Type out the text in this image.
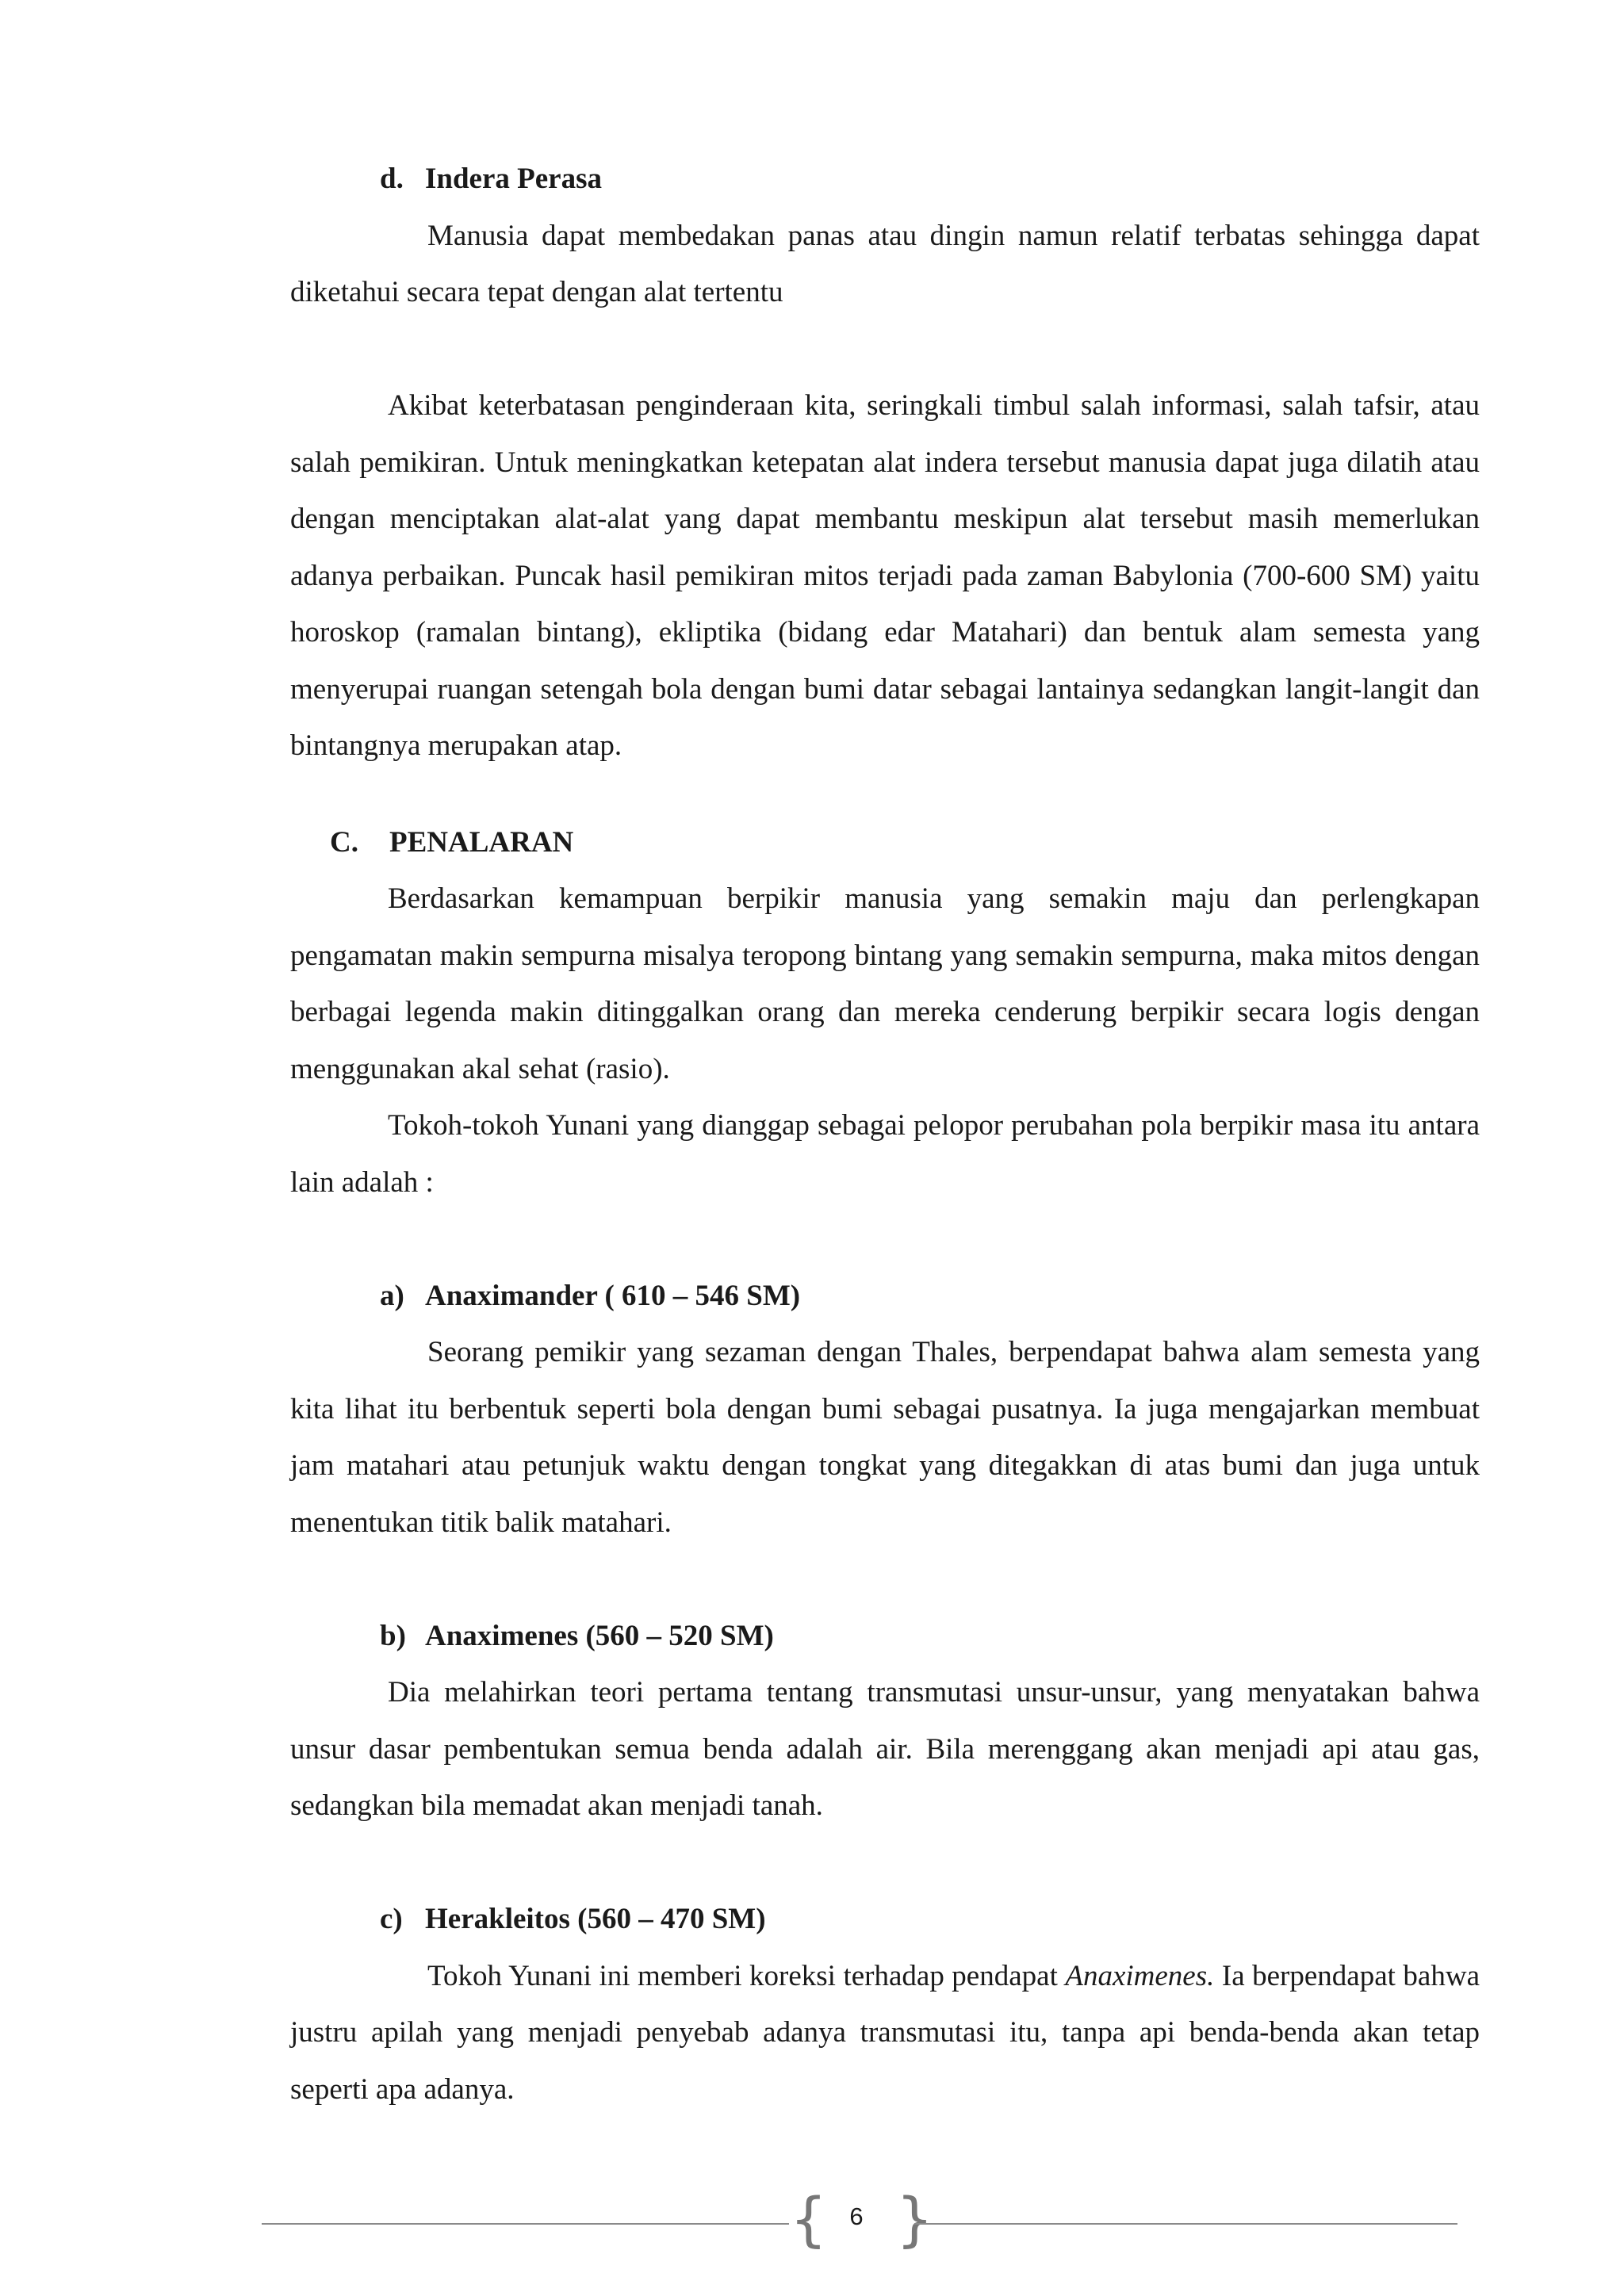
d. Indera Perasa

Manusia dapat membedakan panas atau dingin namun relatif terbatas sehingga dapat diketahui secara tepat dengan alat tertentu

Akibat keterbatasan penginderaan kita, seringkali timbul salah informasi, salah tafsir, atau salah pemikiran. Untuk meningkatkan ketepatan alat indera tersebut manusia dapat juga dilatih atau dengan menciptakan alat-alat yang dapat membantu meskipun alat tersebut masih memerlukan adanya perbaikan. Puncak hasil pemikiran mitos terjadi pada zaman Babylonia (700-600 SM) yaitu horoskop (ramalan bintang), ekliptika (bidang edar Matahari) dan bentuk alam semesta yang menyerupai ruangan setengah bola dengan bumi datar sebagai lantainya sedangkan langit-langit dan bintangnya merupakan atap.

C. PENALARAN

Berdasarkan kemampuan berpikir manusia yang semakin maju dan perlengkapan pengamatan makin sempurna misalya teropong bintang yang semakin sempurna, maka mitos dengan berbagai legenda makin ditinggalkan orang dan mereka cenderung berpikir secara logis dengan menggunakan akal sehat (rasio).

Tokoh-tokoh Yunani yang dianggap sebagai pelopor perubahan pola berpikir masa itu antara lain adalah :

a) Anaximander ( 610 – 546 SM)

Seorang pemikir yang sezaman dengan Thales, berpendapat bahwa alam semesta yang kita lihat itu berbentuk seperti bola dengan bumi sebagai pusatnya. Ia juga mengajarkan membuat jam matahari atau petunjuk waktu dengan tongkat yang ditegakkan di atas bumi dan juga untuk menentukan titik balik matahari.

b) Anaximenes (560 – 520 SM)

Dia melahirkan teori pertama tentang transmutasi unsur-unsur, yang menyatakan bahwa unsur dasar pembentukan semua benda adalah air. Bila merenggang akan menjadi api atau gas, sedangkan bila memadat akan menjadi tanah.

c) Herakleitos (560 – 470 SM)

Tokoh Yunani ini memberi koreksi terhadap pendapat Anaximenes. Ia berpendapat bahwa justru apilah yang menjadi penyebab adanya transmutasi itu, tanpa api benda-benda akan tetap seperti apa adanya.

{ 6 }
